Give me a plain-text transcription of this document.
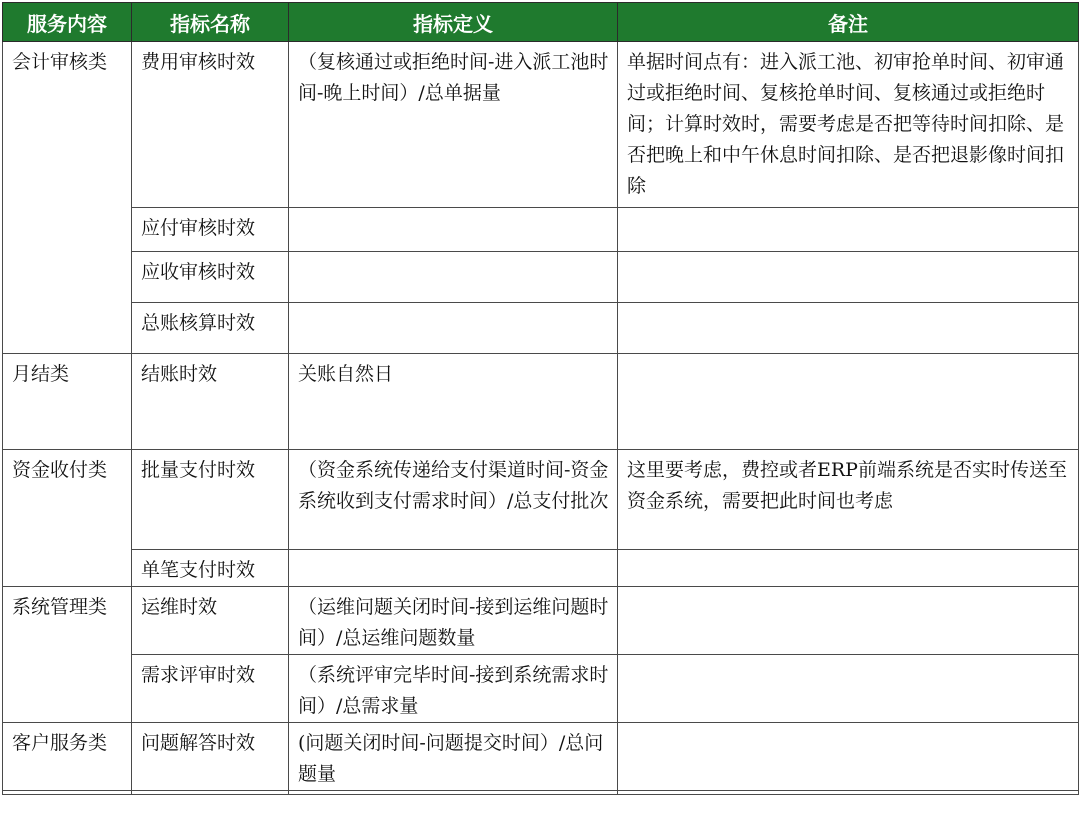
服务内容	指标名称	指标定义	备注
会计审核类	费用审核时效	（复核通过或拒绝时间-进入派工池时间-晚上时间）/总单据量	单据时间点有：进入派工池、初审抢单时间、初审通过或拒绝时间、复核抢单时间、复核通过或拒绝时间；计算时效时，需要考虑是否把等待时间扣除、是否把晚上和中午休息时间扣除、是否把退影像时间扣除
	应付审核时效		
	应收审核时效		
	总账核算时效		
月结类	结账时效	关账自然日	
资金收付类	批量支付时效	（资金系统传递给支付渠道时间-资金系统收到支付需求时间）/总支付批次	这里要考虑，费控或者ERP前端系统是否实时传送至资金系统，需要把此时间也考虑
	单笔支付时效		
系统管理类	运维时效	（运维问题关闭时间-接到运维问题时间）/总运维问题数量	
	需求评审时效	（系统评审完毕时间-接到系统需求时间）/总需求量	
客户服务类	问题解答时效	(问题关闭时间-问题提交时间）/总问题量	
